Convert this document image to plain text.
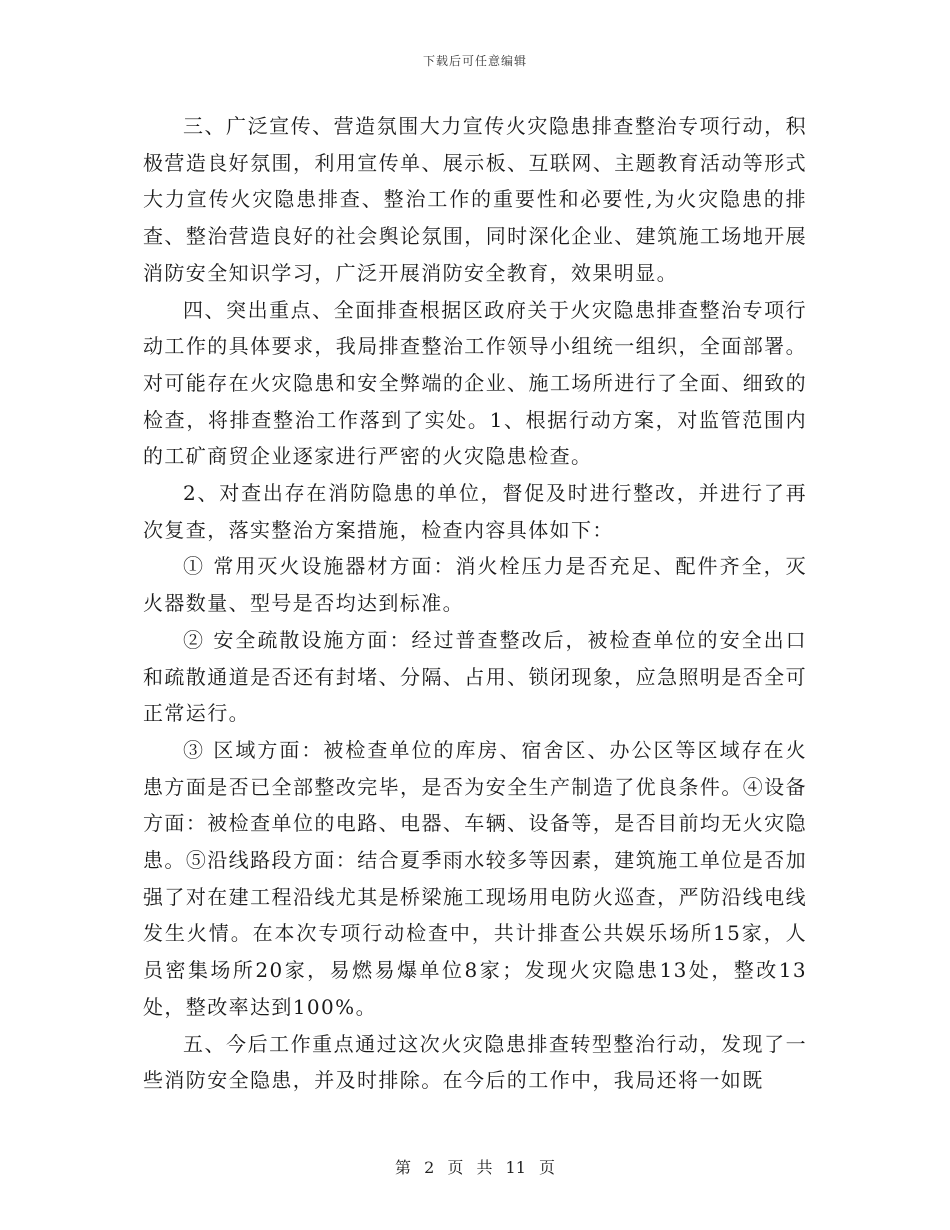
下载后可任意编辑

三、广泛宣传、营造氛围大力宣传火灾隐患排查整治专项行动，积极营造良好氛围，利用宣传单、展示板、互联网、主题教育活动等形式大力宣传火灾隐患排查、整治工作的重要性和必要性,为火灾隐患的排查、整治营造良好的社会舆论氛围，同时深化企业、建筑施工场地开展消防安全知识学习，广泛开展消防安全教育，效果明显。

四、突出重点、全面排查根据区政府关于火灾隐患排查整治专项行动工作的具体要求，我局排查整治工作领导小组统一组织，全面部署。对可能存在火灾隐患和安全弊端的企业、施工场所进行了全面、细致的检查，将排查整治工作落到了实处。1、根据行动方案，对监管范围内的工矿商贸企业逐家进行严密的火灾隐患检查。

2、对查出存在消防隐患的单位，督促及时进行整改，并进行了再次复查，落实整治方案措施，检查内容具体如下：

① 常用灭火设施器材方面：消火栓压力是否充足、配件齐全，灭火器数量、型号是否均达到标准。

② 安全疏散设施方面：经过普查整改后，被检查单位的安全出口和疏散通道是否还有封堵、分隔、占用、锁闭现象，应急照明是否全可正常运行。

③ 区域方面：被检查单位的库房、宿舍区、办公区等区域存在火患方面是否已全部整改完毕，是否为安全生产制造了优良条件。④设备方面：被检查单位的电路、电器、车辆、设备等，是否目前均无火灾隐患。⑤沿线路段方面：结合夏季雨水较多等因素，建筑施工单位是否加强了对在建工程沿线尤其是桥梁施工现场用电防火巡查，严防沿线电线发生火情。在本次专项行动检查中，共计排查公共娱乐场所15家，人员密集场所20家，易燃易爆单位8家；发现火灾隐患13处，整改13处，整改率达到100%。

五、今后工作重点通过这次火灾隐患排查转型整治行动，发现了一些消防安全隐患，并及时排除。在今后的工作中，我局还将一如既

第 2 页 共 11 页
